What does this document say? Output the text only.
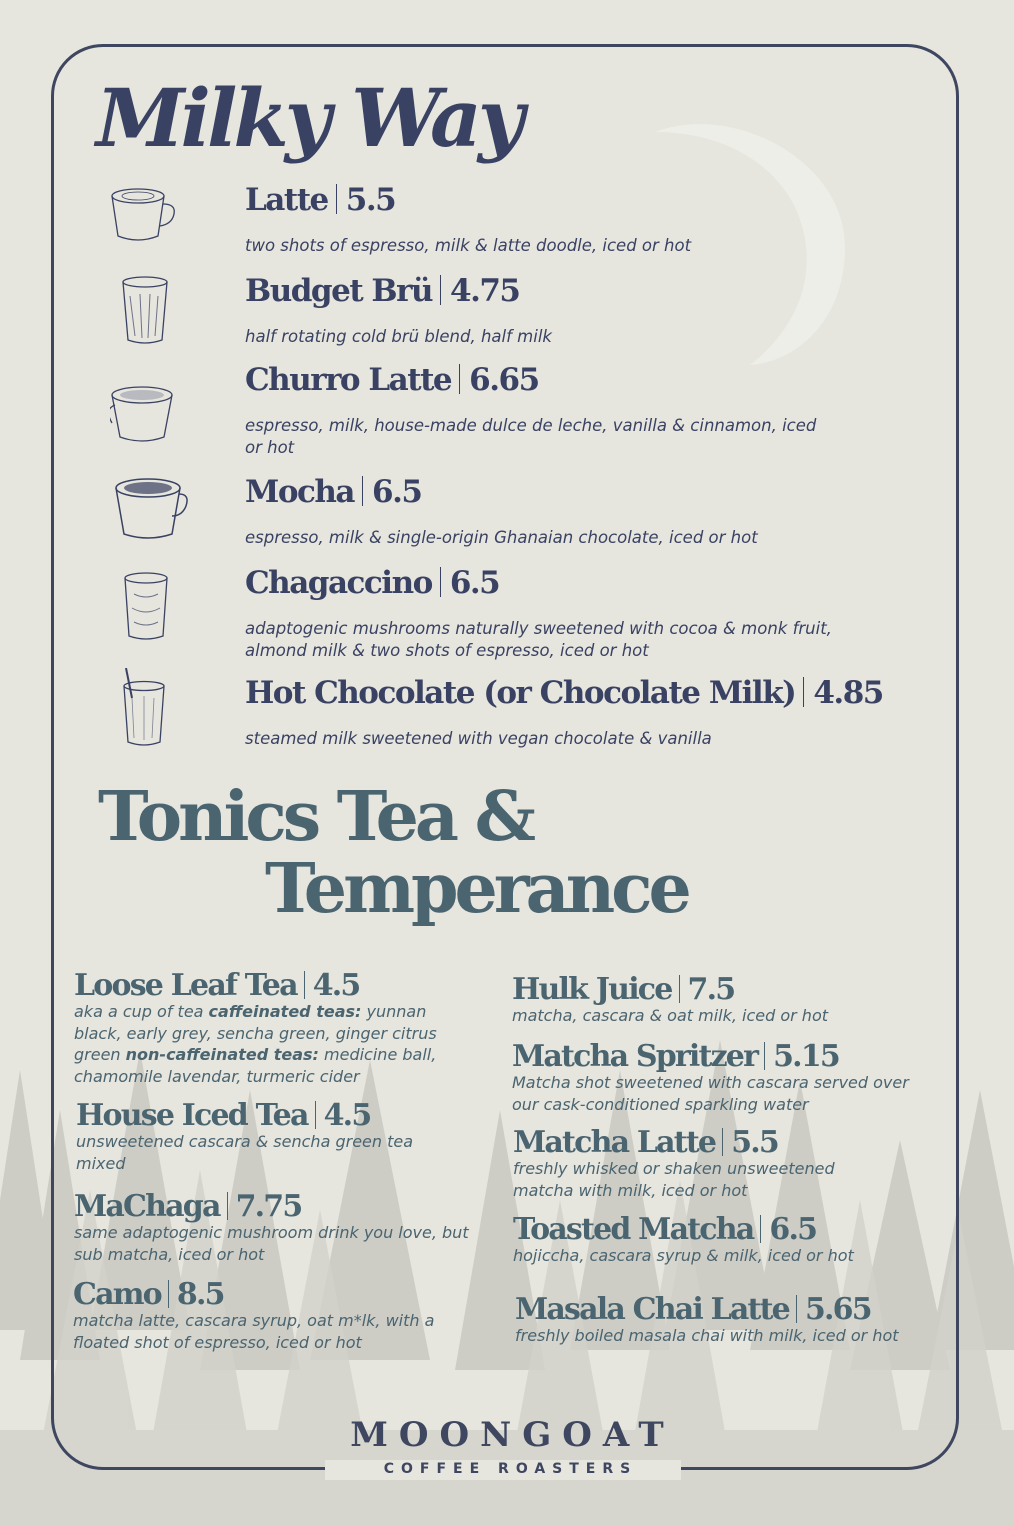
Milky Way
Latte 5.5
two shots of espresso, milk & latte doodle, iced or hot
Budget Brü 4.75
half rotating cold brü blend, half milk
Churro Latte 6.65
espresso, milk, house-made dulce de leche, vanilla & cinnamon, iced or hot
Mocha 6.5
espresso, milk & single-origin Ghanaian chocolate, iced or hot
Chagaccino 6.5
adaptogenic mushrooms naturally sweetened with cocoa & monk fruit, almond milk & two shots of espresso, iced or hot
Hot Chocolate (or Chocolate Milk) 4.85
steamed milk sweetened with vegan chocolate & vanilla
Tonics Tea &
Temperance
Loose Leaf Tea 4.5
aka a cup of tea caffeinated teas: yunnan black, early grey, sencha green, ginger citrus green non-caffeinated teas: medicine ball, chamomile lavendar, turmeric cider
House Iced Tea 4.5
unsweetened cascara & sencha green tea mixed
MaChaga 7.75
same adaptogenic mushroom drink you love, but sub matcha, iced or hot
Camo 8.5
matcha latte, cascara syrup, oat m*lk, with a floated shot of espresso, iced or hot
Hulk Juice 7.5
matcha, cascara & oat milk, iced or hot
Matcha Spritzer 5.15
Matcha shot sweetened with cascara served over our cask-conditioned sparkling water
Matcha Latte 5.5
freshly whisked or shaken unsweetened matcha with milk, iced or hot
Toasted Matcha 6.5
hojiccha, cascara syrup & milk, iced or hot
Masala Chai Latte 5.65
freshly boiled masala chai with milk, iced or hot
MOONGOAT
COFFEE ROASTERS
